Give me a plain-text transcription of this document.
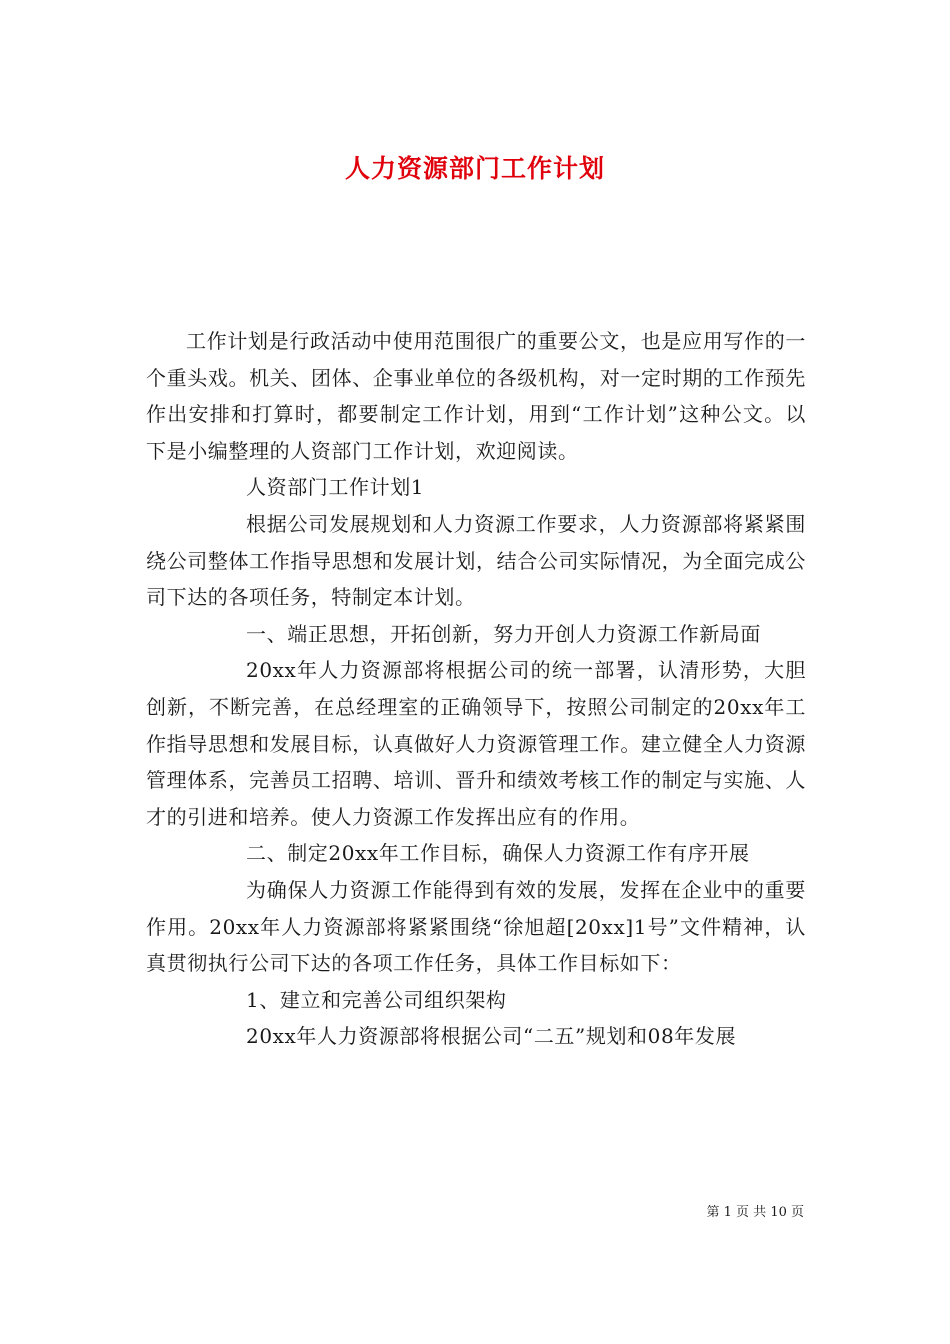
人力资源部门工作计划

工作计划是行政活动中使用范围很广的重要公文，也是应用写作的一个重头戏。机关、团体、企事业单位的各级机构，对一定时期的工作预先作出安排和打算时，都要制定工作计划，用到“工作计划”这种公文。以下是小编整理的人资部门工作计划，欢迎阅读。

人资部门工作计划1

根据公司发展规划和人力资源工作要求，人力资源部将紧紧围绕公司整体工作指导思想和发展计划，结合公司实际情况，为全面完成公司下达的各项任务，特制定本计划。

一、端正思想，开拓创新，努力开创人力资源工作新局面

20xx年人力资源部将根据公司的统一部署，认清形势，大胆创新，不断完善，在总经理室的正确领导下，按照公司制定的20xx年工作指导思想和发展目标，认真做好人力资源管理工作。建立健全人力资源管理体系，完善员工招聘、培训、晋升和绩效考核工作的制定与实施、人才的引进和培养。使人力资源工作发挥出应有的作用。

二、制定20xx年工作目标，确保人力资源工作有序开展

为确保人力资源工作能得到有效的发展，发挥在企业中的重要作用。20xx年人力资源部将紧紧围绕“徐旭超[20xx]1号”文件精神，认真贯彻执行公司下达的各项工作任务，具体工作目标如下：

1、建立和完善公司组织架构

20xx年人力资源部将根据公司“二五”规划和08年发展

第 1 页 共 10 页
